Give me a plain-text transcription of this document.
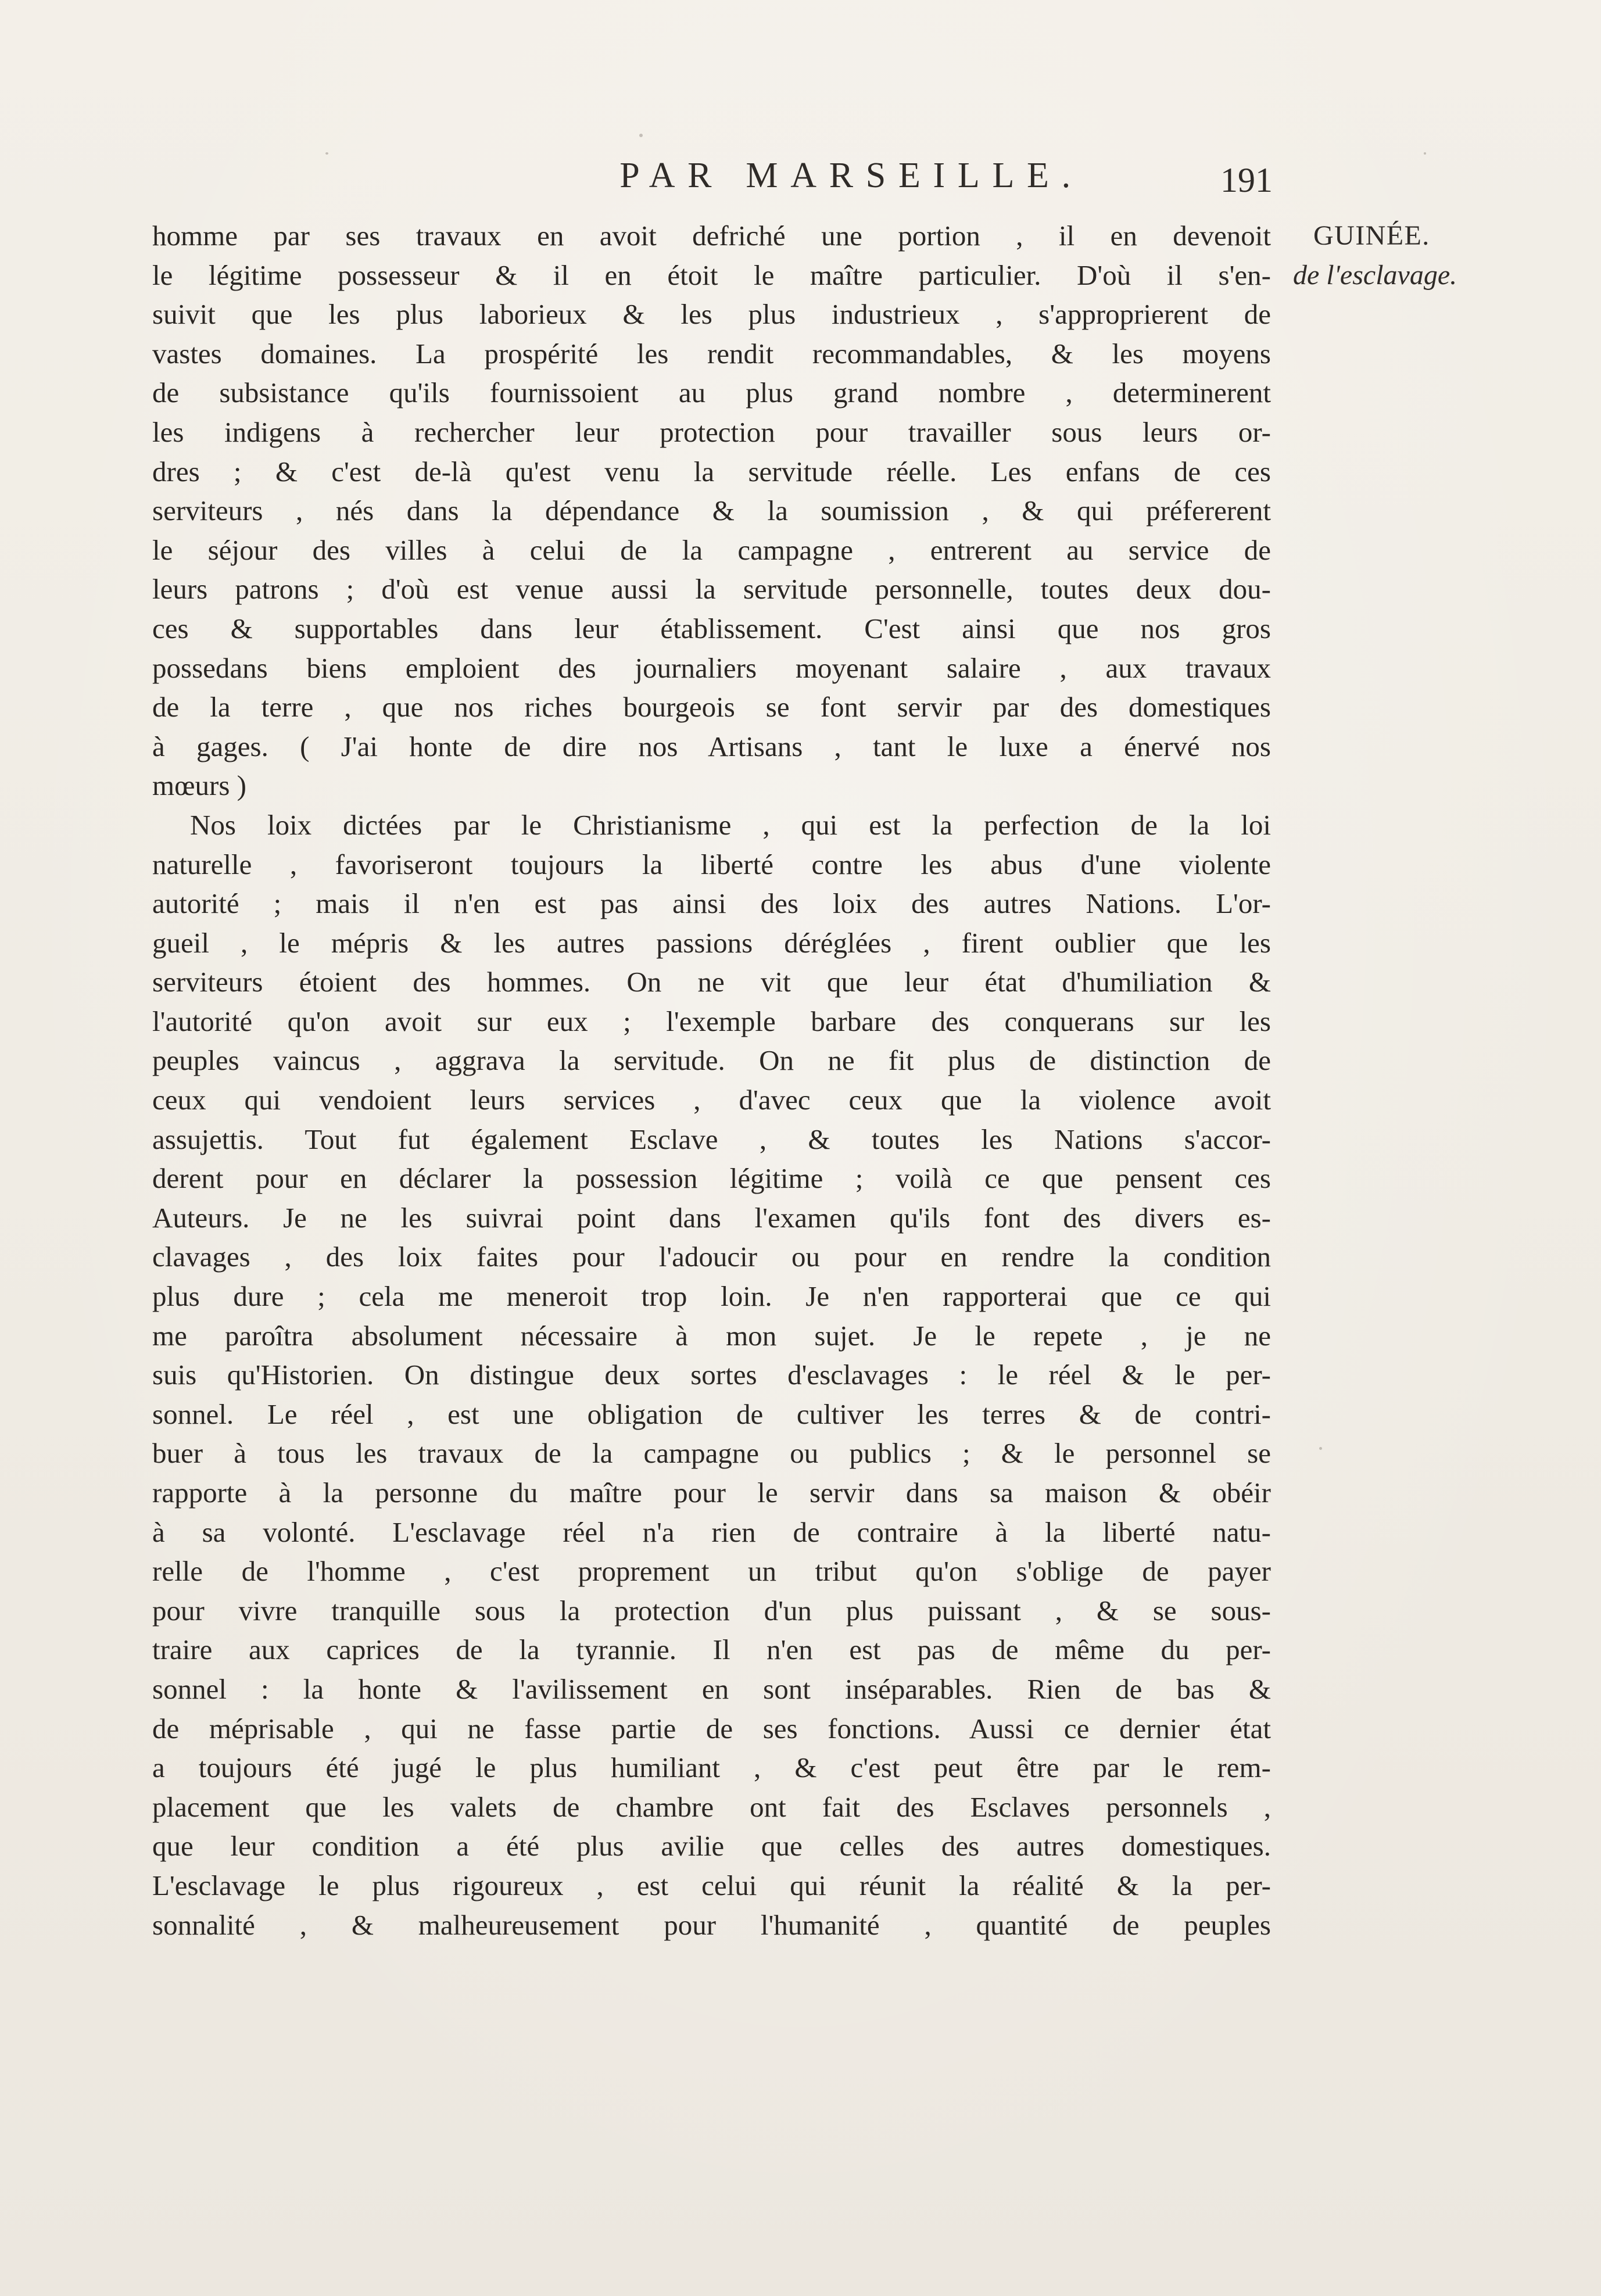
PAR MARSEILLE.	191
GUINÉE.
de l'esclavage.
homme par ses travaux en avoit defriché une portion , il en devenoit
le légitime possesseur & il en étoit le maître particulier. D'où il s'en-
suivit que les plus laborieux & les plus industrieux , s'approprierent de
vastes domaines. La prospérité les rendit recommandables, & les moyens
de subsistance qu'ils fournissoient au plus grand nombre , determinerent
les indigens à rechercher leur protection pour travailler sous leurs or-
dres ; & c'est de-là qu'est venu la servitude réelle. Les enfans de ces
serviteurs , nés dans la dépendance & la soumission , & qui préfererent
le séjour des villes à celui de la campagne , entrerent au service de
leurs patrons ; d'où est venue aussi la servitude personnelle, toutes deux dou-
ces & supportables dans leur établissement. C'est ainsi que nos gros
possedans biens emploient des journaliers moyenant salaire , aux travaux
de la terre , que nos riches bourgeois se font servir par des domestiques
à gages. ( J'ai honte de dire nos Artisans , tant le luxe a énervé nos
mœurs )
Nos loix dictées par le Christianisme , qui est la perfection de la loi
naturelle , favoriseront toujours la liberté contre les abus d'une violente
autorité ; mais il n'en est pas ainsi des loix des autres Nations. L'or-
gueil , le mépris & les autres passions déréglées , firent oublier que les
serviteurs étoient des hommes. On ne vit que leur état d'humiliation &
l'autorité qu'on avoit sur eux ; l'exemple barbare des conquerans sur les
peuples vaincus , aggrava la servitude. On ne fit plus de distinction de
ceux qui vendoient leurs services , d'avec ceux que la violence avoit
assujettis. Tout fut également Esclave , & toutes les Nations s'accor-
derent pour en déclarer la possession légitime ; voilà ce que pensent ces
Auteurs. Je ne les suivrai point dans l'examen qu'ils font des divers es-
clavages , des loix faites pour l'adoucir ou pour en rendre la condition
plus dure ; cela me meneroit trop loin. Je n'en rapporterai que ce qui
me paroîtra absolument nécessaire à mon sujet. Je le repete , je ne
suis qu'Historien. On distingue deux sortes d'esclavages : le réel & le per-
sonnel. Le réel , est une obligation de cultiver les terres & de contri-
buer à tous les travaux de la campagne ou publics ; & le personnel se
rapporte à la personne du maître pour le servir dans sa maison & obéir
à sa volonté. L'esclavage réel n'a rien de contraire à la liberté natu-
relle de l'homme , c'est proprement un tribut qu'on s'oblige de payer
pour vivre tranquille sous la protection d'un plus puissant , & se sous-
traire aux caprices de la tyrannie. Il n'en est pas de même du per-
sonnel : la honte & l'avilissement en sont inséparables. Rien de bas &
de méprisable , qui ne fasse partie de ses fonctions. Aussi ce dernier état
a toujours été jugé le plus humiliant , & c'est peut être par le rem-
placement que les valets de chambre ont fait des Esclaves personnels ,
que leur condition a été plus avilie que celles des autres domestiques.
L'esclavage le plus rigoureux , est celui qui réunit la réalité & la per-
sonnalité , & malheureusement pour l'humanité , quantité de peuples
